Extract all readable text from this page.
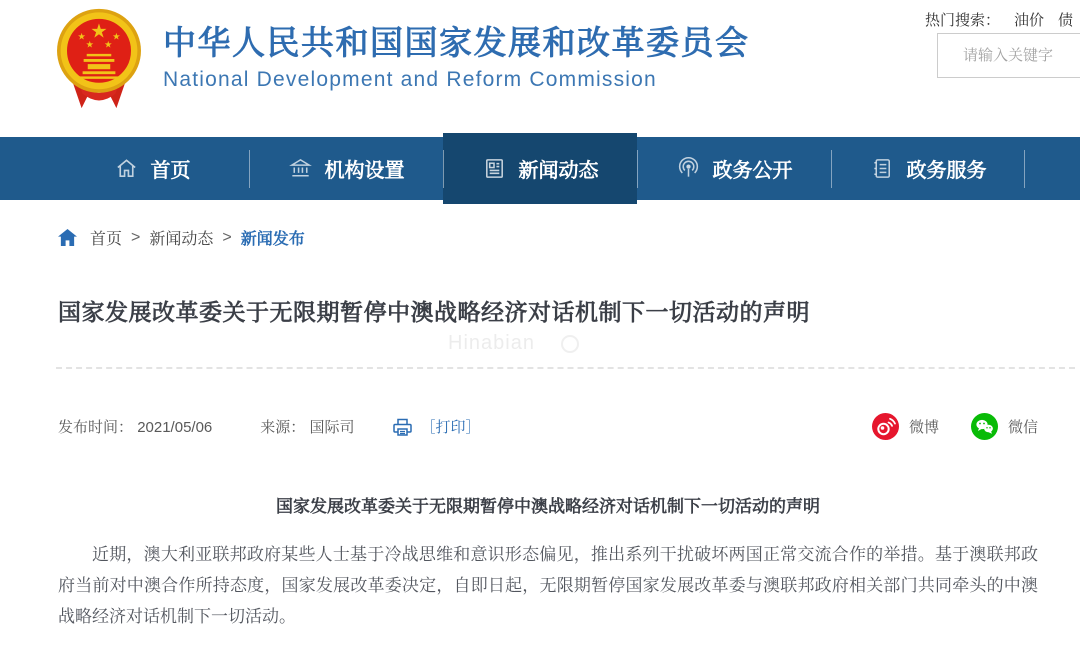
★
★
★ ★
★ 中华人民共和国国家发展和改革委员会
National Development and Reform Commission
热门搜索： 油价 债
请输入关键字
首页	机构设置	新闻动态	政务公开	政务服务
首页 > 新闻动态 > 新闻发布
国家发展改革委关于无限期暂停中澳战略经济对话机制下一切活动的声明
Hinabian
发布时间： 2021/05/06	来源： 国际司	［打印］	微博	微信
国家发展改革委关于无限期暂停中澳战略经济对话机制下一切活动的声明

近期，澳大利亚联邦政府某些人士基于冷战思维和意识形态偏见，推出系列干扰破坏两国正常交流合作的举措。基于澳联邦政府当前对中澳合作所持态度，国家发展改革委决定，自即日起，无限期暂停国家发展改革委与澳联邦政府相关部门共同牵头的中澳战略经济对话机制下一切活动。
